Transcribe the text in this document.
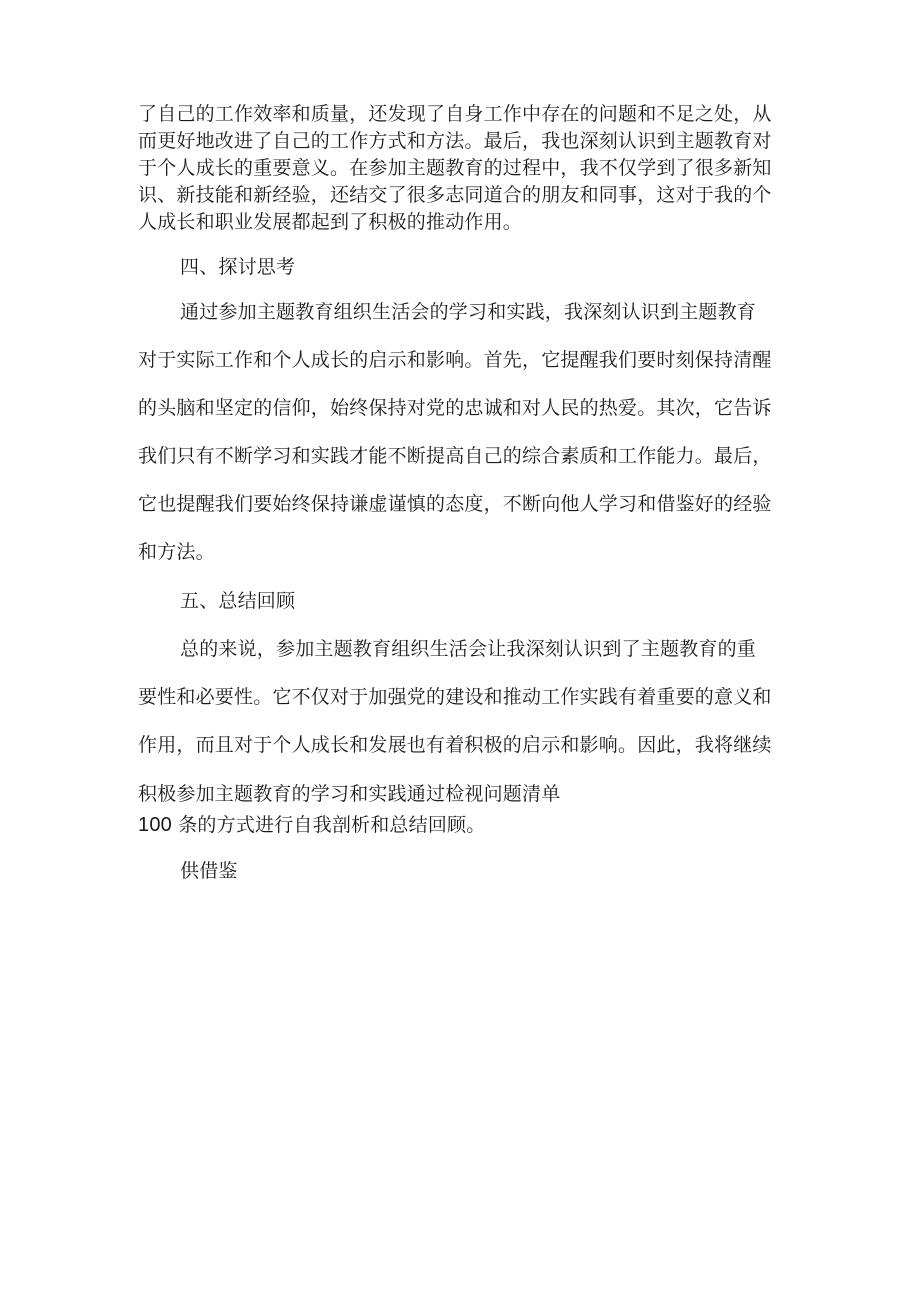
了自己的工作效率和质量，还发现了自身工作中存在的问题和不足之处，从
而更好地改进了自己的工作方式和方法。最后，我也深刻认识到主题教育对
于个人成长的重要意义。在参加主题教育的过程中，我不仅学到了很多新知
识、新技能和新经验，还结交了很多志同道合的朋友和同事，这对于我的个
人成长和职业发展都起到了积极的推动作用。
四、探讨思考
通过参加主题教育组织生活会的学习和实践，我深刻认识到主题教育
对于实际工作和个人成长的启示和影响。首先，它提醒我们要时刻保持清醒
的头脑和坚定的信仰，始终保持对党的忠诚和对人民的热爱。其次，它告诉
我们只有不断学习和实践才能不断提高自己的综合素质和工作能力。最后，
它也提醒我们要始终保持谦虚谨慎的态度，不断向他人学习和借鉴好的经验
和方法。
五、总结回顾
总的来说，参加主题教育组织生活会让我深刻认识到了主题教育的重
要性和必要性。它不仅对于加强党的建设和推动工作实践有着重要的意义和
作用，而且对于个人成长和发展也有着积极的启示和影响。因此，我将继续
积极参加主题教育的学习和实践通过检视问题清单
100 条的方式进行自我剖析和总结回顾。
供借鉴
